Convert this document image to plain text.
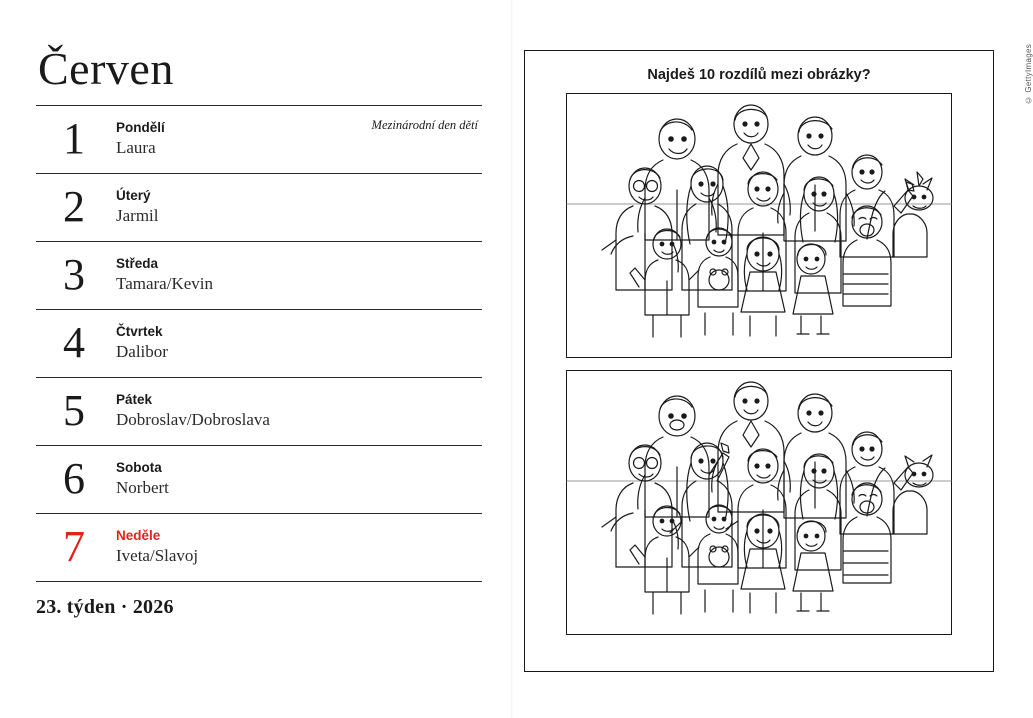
Červen
1	Pondělí
Laura
Mezinárodní den dětí
2	Úterý
Jarmil
3	Středa
Tamara/Kevin
4	Čtvrtek
Dalibor
5	Pátek
Dobroslav/Dobroslava
6	Sobota
Norbert
7	Neděle
Iveta/Slavoj
23. týden · 2026
© GettyImages
Najdeš 10 rozdílů mezi obrázky?
